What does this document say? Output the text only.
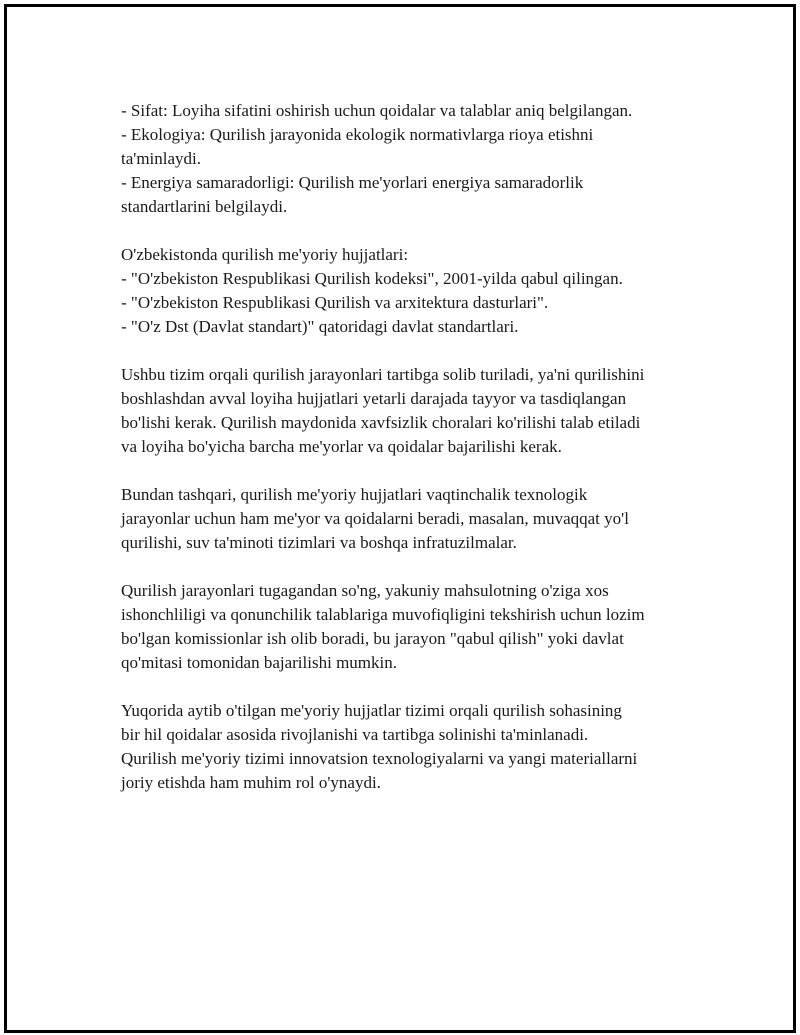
- Sifat: Loyiha sifatini oshirish uchun qoidalar va talablar aniq belgilangan.
- Ekologiya: Qurilish jarayonida ekologik normativlarga rioya etishni
ta'minlaydi.
- Energiya samaradorligi: Qurilish me'yorlari energiya samaradorlik
standartlarini belgilaydi.

O'zbekistonda qurilish me'yoriy hujjatlari:
- "O'zbekiston Respublikasi Qurilish kodeksi", 2001-yilda qabul qilingan.
- "O'zbekiston Respublikasi Qurilish va arxitektura dasturlari".
- "O'z Dst (Davlat standart)" qatoridagi davlat standartlari.

Ushbu tizim orqali qurilish jarayonlari tartibga solib turiladi, ya'ni qurilishini
boshlashdan avval loyiha hujjatlari yetarli darajada tayyor va tasdiqlangan
bo'lishi kerak. Qurilish maydonida xavfsizlik choralari ko'rilishi talab etiladi
va loyiha bo'yicha barcha me'yorlar va qoidalar bajarilishi kerak.

Bundan tashqari, qurilish me'yoriy hujjatlari vaqtinchalik texnologik
jarayonlar uchun ham me'yor va qoidalarni beradi, masalan, muvaqqat yo'l
qurilishi, suv ta'minoti tizimlari va boshqa infratuzilmalar.

Qurilish jarayonlari tugagandan so'ng, yakuniy mahsulotning o'ziga xos
ishonchliligi va qonunchilik talablariga muvofiqligini tekshirish uchun lozim
bo'lgan komissionlar ish olib boradi, bu jarayon "qabul qilish" yoki davlat
qo'mitasi tomonidan bajarilishi mumkin.

Yuqorida aytib o'tilgan me'yoriy hujjatlar tizimi orqali qurilish sohasining
bir hil qoidalar asosida rivojlanishi va tartibga solinishi ta'minlanadi.
Qurilish me'yoriy tizimi innovatsion texnologiyalarni va yangi materiallarni
joriy etishda ham muhim rol o'ynaydi.
